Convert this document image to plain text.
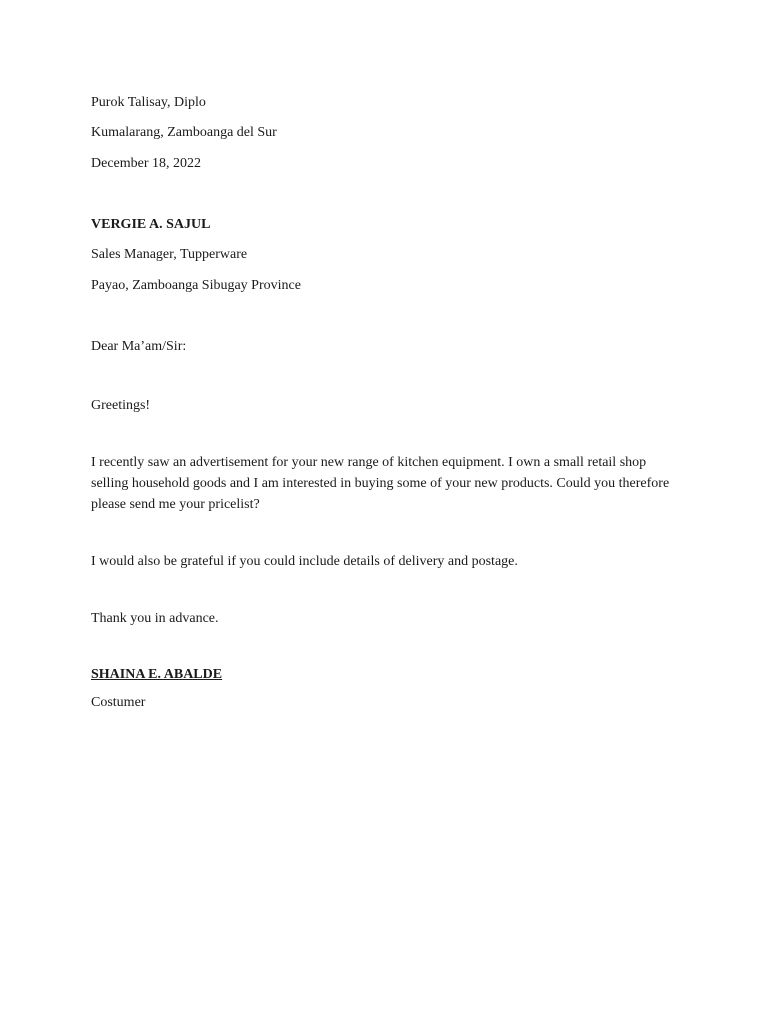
Purok Talisay, Diplo

Kumalarang, Zamboanga del Sur

December 18, 2022

VERGIE A. SAJUL

Sales Manager, Tupperware

Payao, Zamboanga Sibugay Province

Dear Ma’am/Sir:

Greetings!

I recently saw an advertisement for your new range of kitchen equipment. I own a small retail shop selling household goods and I am interested in buying some of your new products. Could you therefore please send me your pricelist?

I would also be grateful if you could include details of delivery and postage.

Thank you in advance.

SHAINA E. ABALDE

Costumer
